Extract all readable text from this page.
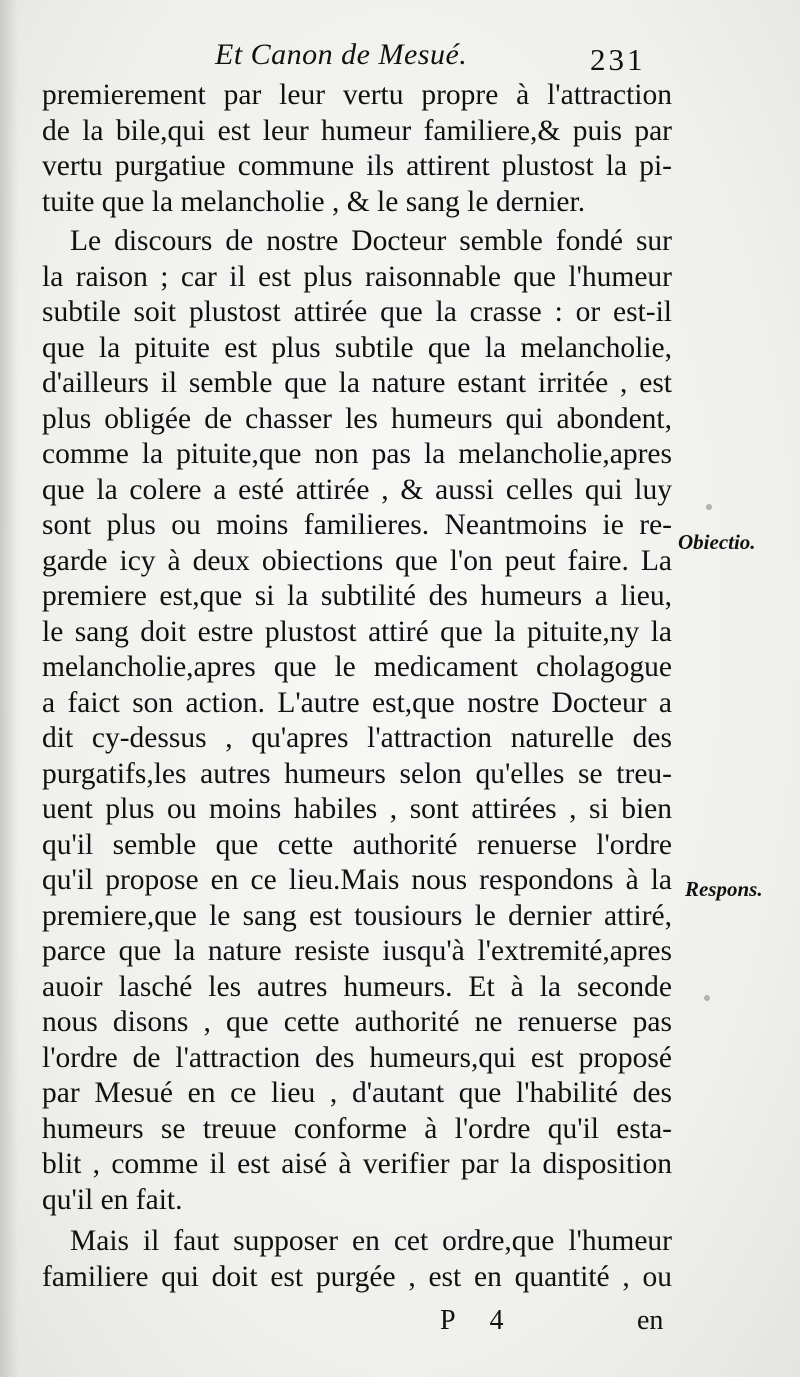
Et Canon de Mesué.	231
premierement par leur vertu propre à l'attraction
de la bile,qui est leur humeur familiere,& puis par
vertu purgatiue commune ils attirent plustost la pi-
tuite que la melancholie , & le sang le dernier.
Le discours de nostre Docteur semble fondé sur
la raison ; car il est plus raisonnable que l'humeur
subtile soit plustost attirée que la crasse : or est-il
que la pituite est plus subtile que la melancholie,
d'ailleurs il semble que la nature estant irritée , est
plus obligée de chasser les humeurs qui abondent,
comme la pituite,que non pas la melancholie,apres
que la colere a esté attirée , & aussi celles qui luy
sont plus ou moins familieres. Neantmoins ie re-
garde icy à deux obiections que l'on peut faire. La
premiere est,que si la subtilité des humeurs a lieu,
le sang doit estre plustost attiré que la pituite,ny la
melancholie,apres que le medicament cholagogue
a faict son action. L'autre est,que nostre Docteur a
dit cy-dessus , qu'apres l'attraction naturelle des
purgatifs,les autres humeurs selon qu'elles se treu-
uent plus ou moins habiles , sont attirées , si bien
qu'il semble que cette authorité renuerse l'ordre
qu'il propose en ce lieu.Mais nous respondons à la
premiere,que le sang est tousiours le dernier attiré,
parce que la nature resiste iusqu'à l'extremité,apres
auoir lasché les autres humeurs. Et à la seconde
nous disons , que cette authorité ne renuerse pas
l'ordre de l'attraction des humeurs,qui est proposé
par Mesué en ce lieu , d'autant que l'habilité des
humeurs se treuue conforme à l'ordre qu'il esta-
blit , comme il est aisé à verifier par la disposition
qu'il en fait.
Mais il faut supposer en cet ordre,que l'humeur
familiere qui doit est purgée , est en quantité , ou
Obiectio.
Respons.
P 4	en
